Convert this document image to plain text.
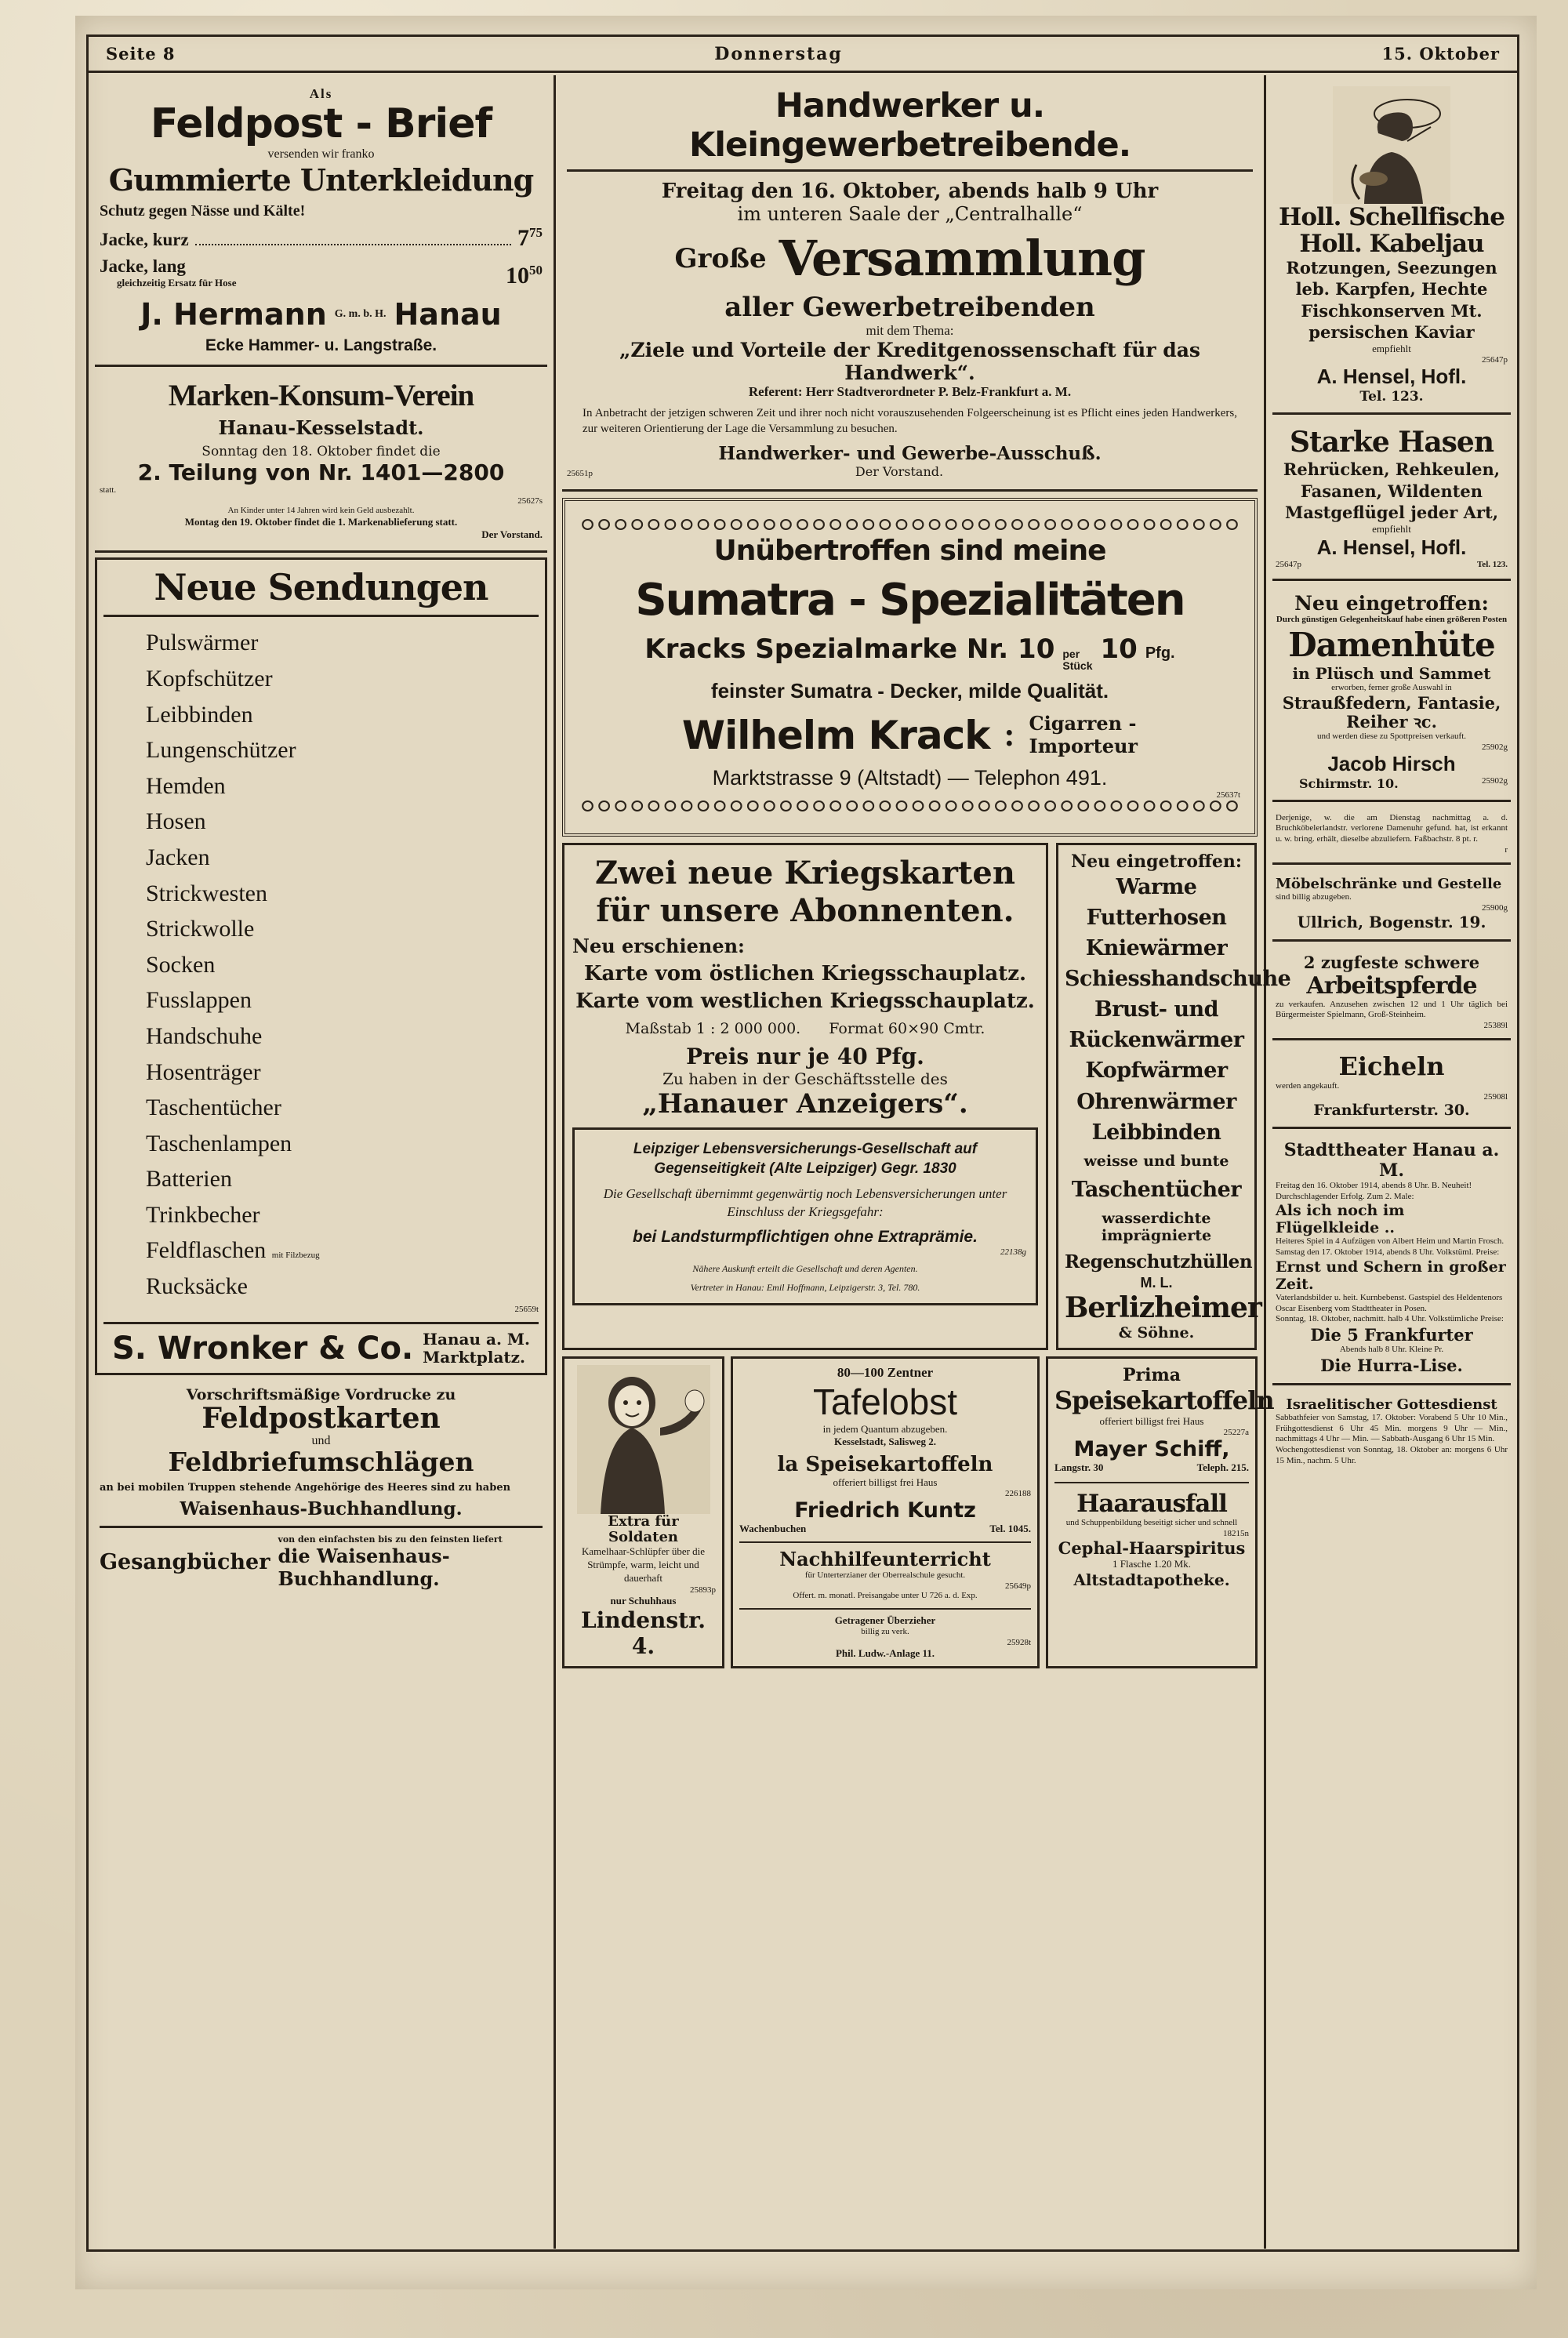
Seite 8	Donnerstag	15. Oktober
Als
Feldpost - Brief
versenden wir franko
Gummierte Unterkleidung
Schutz gegen Nässe und Kälte!
Jacke, kurz	$7^{75}$
Jacke, lang
gleichzeitig Ersatz für Hose	$10^{50}$
J. Hermann G. m. b. H. Hanau
Ecke Hammer- u. Langstraße.
Marken-Konsum-Verein
Hanau-Kesselstadt.
Sonntag den 18. Oktober findet die
2. Teilung von Nr. 1401—2800
statt.
25627s
An Kinder unter 14 Jahren wird kein Geld ausbezahlt.
Montag den 19. Oktober findet die 1. Markenablieferung statt.
Der Vorstand.
Neue Sendungen
Pulswärmer
Kopfschützer
Leibbinden
Lungenschützer
Hemden
Hosen
Jacken
Strickwesten
Strickwolle
Socken
Fusslappen
Handschuhe
Hosenträger
Taschentücher
Taschenlampen
Batterien
Trinkbecher
Feldflaschen mit Filzbezug
Rucksäcke
25659t
S. Wronker & Co. Hanau a. M.
Marktplatz.
Vorschriftsmäßige Vordrucke zu
Feldpostkarten
und
Feldbriefumschlägen
an bei mobilen Truppen stehende Angehörige des Heeres sind zu haben
Waisenhaus-Buchhandlung.
Gesangbücher
von den einfachsten bis zu den feinsten liefert
die Waisenhaus-Buchhandlung.
Handwerker u. Kleingewerbetreibende.
Freitag den 16. Oktober, abends halb 9 Uhr
im unteren Saale der „Centralhalle“
Große Versammlung
aller Gewerbetreibenden
mit dem Thema:
„Ziele und Vorteile der Kreditgenossenschaft für das Handwerk“.
Referent: Herr Stadtverordneter P. Belz-Frankfurt a. M.
In Anbetracht der jetzigen schweren Zeit und ihrer noch nicht vorauszusehenden Folgeerscheinung ist es Pflicht eines jeden Handwerkers, zur weiteren Orientierung der Lage die Versammlung zu besuchen.
Handwerker- und Gewerbe-Ausschuß.
25651p	Der Vorstand.
Unübertroffen sind meine
Sumatra - Spezialitäten
Kracks Spezialmarke Nr. 10 per
Stück
10 Pfg.
feinster Sumatra - Decker, milde Qualität.
Wilhelm Krack : Cigarren -
Importeur
Marktstrasse 9 (Altstadt) — Telephon 491.
25637t
Zwei neue Kriegskarten
für unsere Abonnenten.
Neu erschienen:
Karte vom östlichen Kriegsschauplatz.
Karte vom westlichen Kriegsschauplatz.
Maßstab 1 : 2 000 000. Format 60×90 Cmtr.
Preis nur je 40 Pfg.
Zu haben in der Geschäftsstelle des
„Hanauer Anzeigers“.
Leipziger Lebensversicherungs-Gesellschaft auf Gegenseitigkeit (Alte Leipziger) Gegr. 1830
Die Gesellschaft übernimmt gegenwärtig noch Lebensversicherungen unter Einschluss der Kriegsgefahr:
bei Landsturmpflichtigen ohne Extraprämie.
22138g
Nähere Auskunft erteilt die Gesellschaft und deren Agenten.
Vertreter in Hanau: Emil Hoffmann, Leipzigerstr. 3, Tel. 780.
Neu eingetroffen:
Warme Futterhosen
Kniewärmer
Schiesshandschuhe
Brust- und
Rückenwärmer
Kopfwärmer
Ohrenwärmer
Leibbinden
weisse und bunte
Taschentücher
wasserdichte imprägnierte
Regenschutzhüllen
M. L.
Berlizheimer
& Söhne.
Extra für Soldaten
Kamelhaar-Schlüpfer über die Strümpfe, warm, leicht und dauerhaft
25893p
nur Schuhhaus
Lindenstr. 4.
80—100 Zentner
Tafelobst
in jedem Quantum abzugeben.
Kesselstadt, Salisweg 2.
la Speisekartoffeln
offeriert billigst frei Haus
226188
Friedrich Kuntz
Wachenbuchen	Tel. 1045.
Nachhilfeunterricht
für Unterterzianer der Oberrealschule gesucht.
25649p
Offert. m. monatl. Preisangabe unter U 726 a. d. Exp.
Getragener Überzieher
billig zu verk.
25928t
Phil. Ludw.-Anlage 11.
Prima
Speisekartoffeln
offeriert billigst frei Haus
25227a
Mayer Schiff,
Langstr. 30	Teleph. 215.
Haarausfall
und Schuppenbildung beseitigt sicher und schnell
18215n
Cephal-Haarspiritus
1 Flasche 1.20 Mk.
Altstadtapotheke.
Holl. Schellfische
Holl. Kabeljau
Rotzungen, Seezungen leb. Karpfen, Hechte Fischkonserven Mt. persischen Kaviar
empfiehlt
25647p
A. Hensel, Hofl.
Tel. 123.
Starke Hasen
Rehrücken, Rehkeulen, Fasanen, Wildenten Mastgeflügel jeder Art,
empfiehlt
A. Hensel, Hofl.
25647p	Tel. 123.
Neu eingetroffen:
Durch günstigen Gelegenheitskauf habe einen größeren Posten
Damenhüte
in Plüsch und Sammet
erworben, ferner große Auswahl in
Straußfedern, Fantasie, Reiher ꝛc.
und werden diese zu Spottpreisen verkauft.
25902g
Jacob Hirsch
Schirmstr. 10.	25902g
Derjenige, w. die am Dienstag nachmittag a. d. Bruchköbelerlandstr. verlorene Damenuhr gefund. hat, ist erkannt u. w. bring. erhält, dieselbe abzuliefern. Faßbachstr. 8 pt. r.
r
Möbelschränke und Gestelle
sind billig abzugeben.
25900g
Ullrich, Bogenstr. 19.
2 zugfeste schwere
Arbeitspferde
zu verkaufen. Anzusehen zwischen 12 und 1 Uhr täglich bei Bürgermeister Spielmann, Groß-Steinheim.
25389l
Eicheln
werden angekauft.
25908l
Frankfurterstr. 30.
Stadttheater Hanau a. M.
Freitag den 16. Oktober 1914, abends 8 Uhr. B. Neuheit! Durchschlagender Erfolg. Zum 2. Male:
Als ich noch im Flügelkleide ..
Heiteres Spiel in 4 Aufzügen von Albert Heim und Martin Frosch.
Samstag den 17. Oktober 1914, abends 8 Uhr. Volkstüml. Preise:
Ernst und Schern in großer Zeit.
Vaterlandsbilder u. heit. Kurnbebenst. Gastspiel des Heldentenors Oscar Eisenberg vom Stadttheater in Posen.
Sonntag, 18. Oktober, nachmitt. halb 4 Uhr. Volkstümliche Preise:
Die 5 Frankfurter
Abends halb 8 Uhr. Kleine Pr.
Die Hurra-Lise.
Israelitischer Gottesdienst
Sabbathfeier von Samstag, 17. Oktober: Vorabend 5 Uhr 10 Min., Frühgottesdienst 6 Uhr 45 Min. morgens 9 Uhr — Min., nachmittags 4 Uhr — Min. — Sabbath-Ausgang 6 Uhr 15 Min.
Wochengottesdienst von Sonntag, 18. Oktober an: morgens 6 Uhr 15 Min., nachm. 5 Uhr.
